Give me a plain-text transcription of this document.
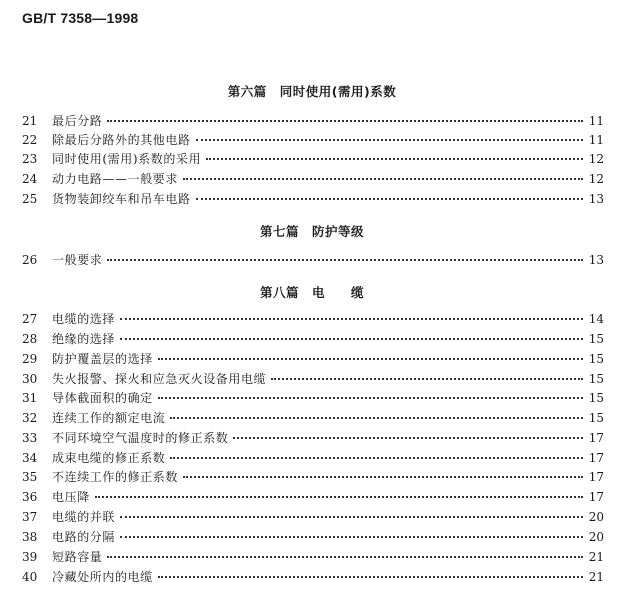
GB/T 7358—1998
第六篇　同时使用(需用)系数
21	最后分路	11
22	除最后分路外的其他电路	11
23	同时使用(需用)系数的采用	12
24	动力电路——一般要求	12
25	货物装卸绞车和吊车电路	13
第七篇　防护等级
26	一般要求	13
第八篇　电　　缆
27	电缆的选择	14
28	绝缘的选择	15
29	防护覆盖层的选择	15
30	失火报警、探火和应急灭火设备用电缆	15
31	导体截面积的确定	15
32	连续工作的额定电流	15
33	不同环境空气温度时的修正系数	17
34	成束电缆的修正系数	17
35	不连续工作的修正系数	17
36	电压降	17
37	电缆的并联	20
38	电路的分隔	20
39	短路容量	21
40	冷藏处所内的电缆	21
